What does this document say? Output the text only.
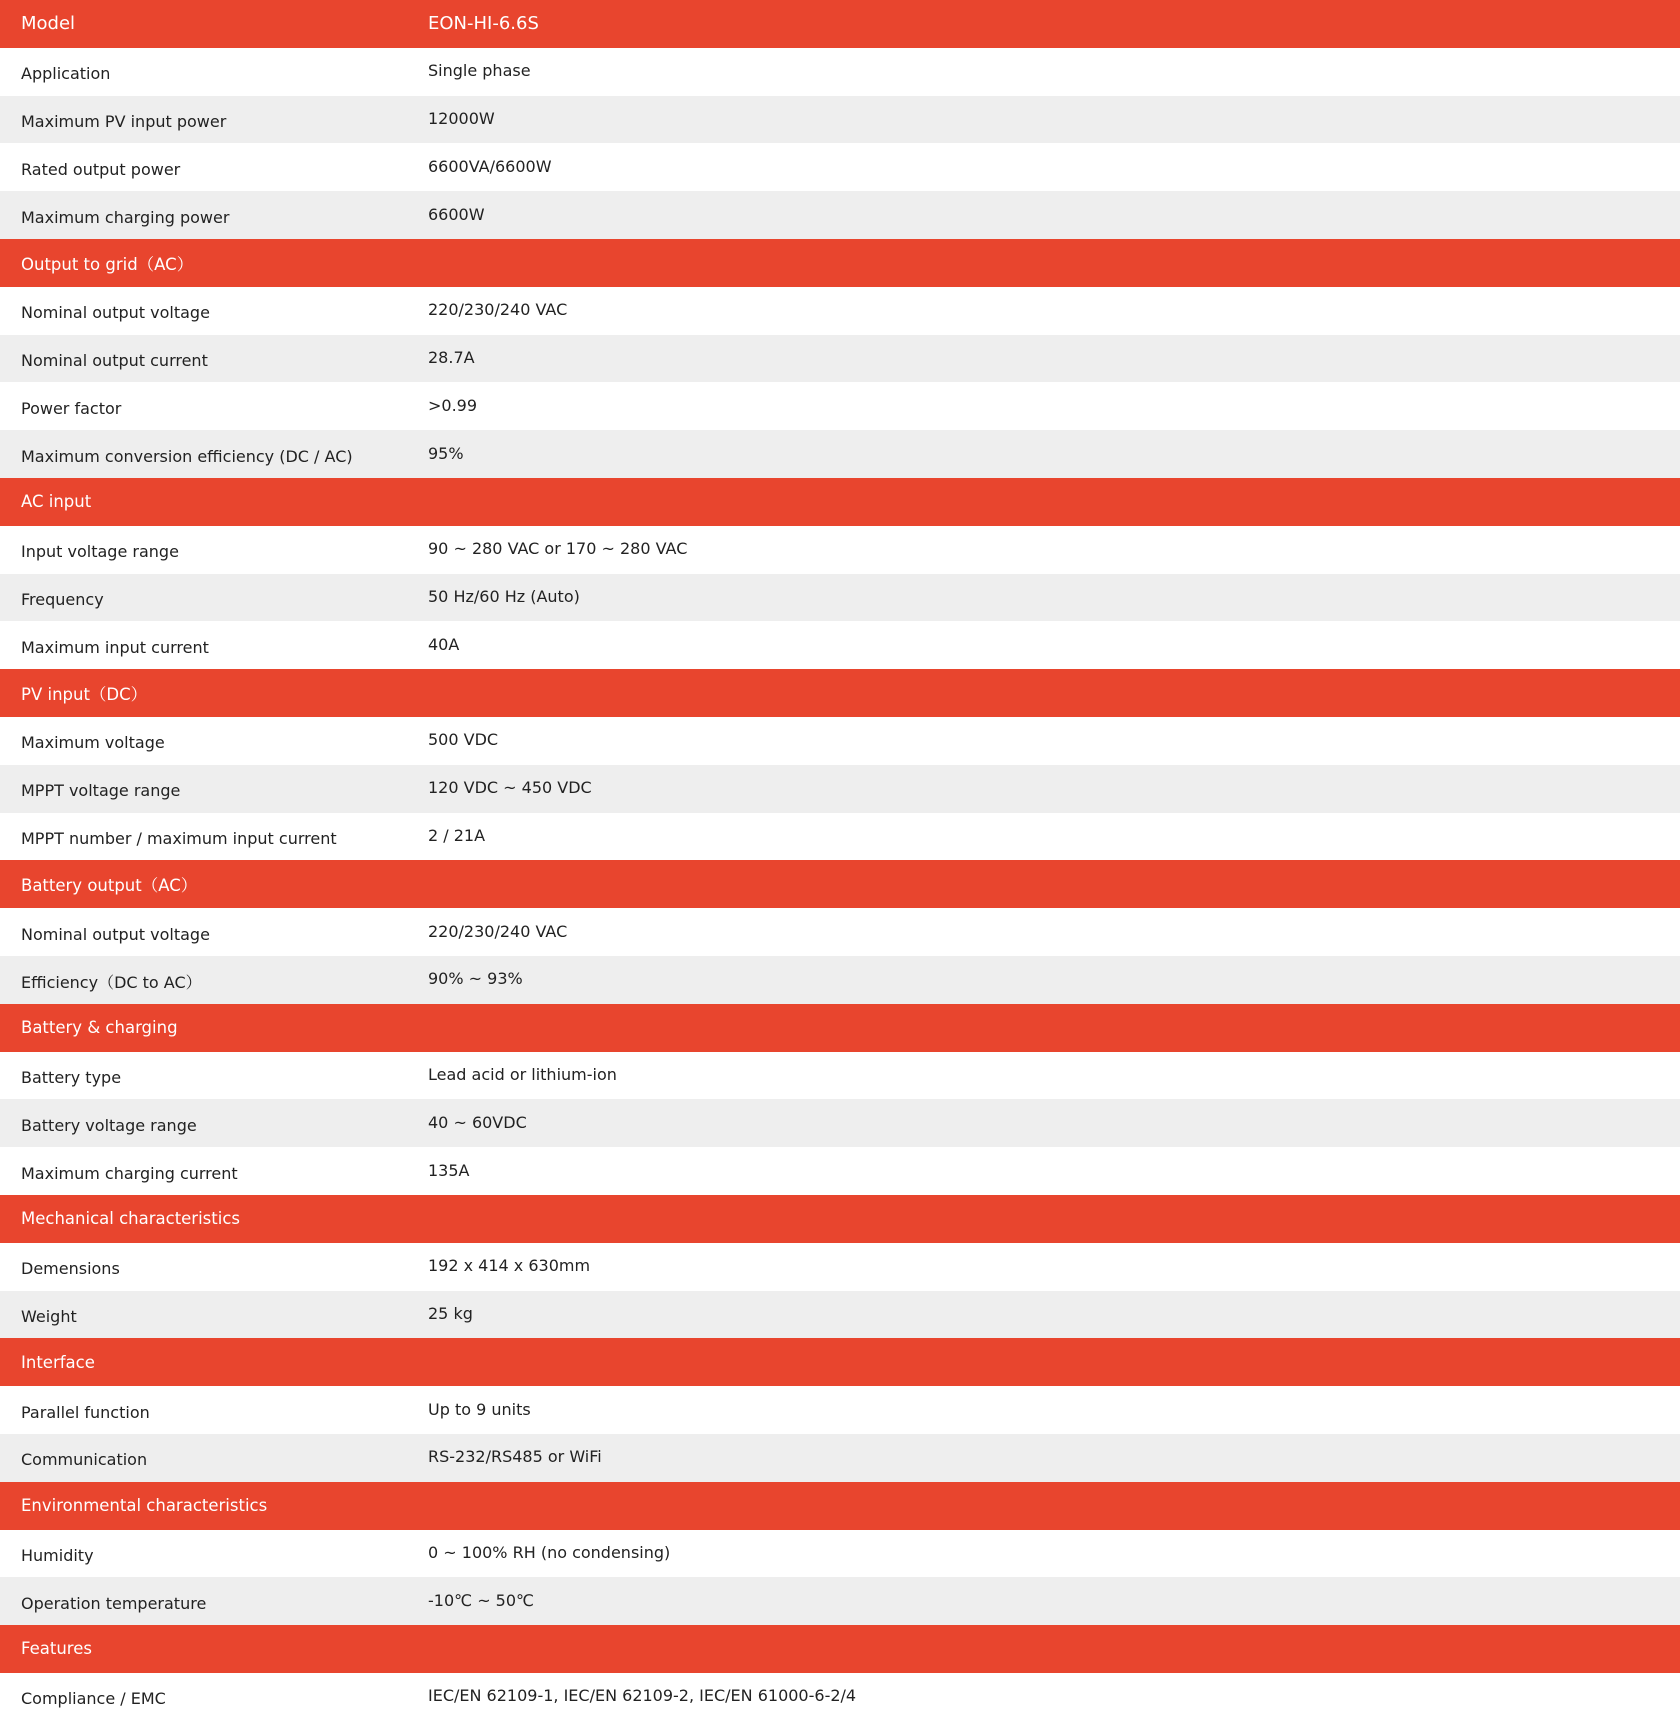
Model	EON-HI-6.6S
Application	Single phase
Maximum PV input power	12000W
Rated output power	6600VA/6600W
Maximum charging power	6600W
Output to grid（AC）
Nominal output voltage	220/230/240 VAC
Nominal output current	28.7A
Power factor	>0.99
Maximum conversion efficiency (DC / AC)	95%
AC input
Input voltage range	90 ~ 280 VAC or 170 ~ 280 VAC
Frequency	50 Hz/60 Hz (Auto)
Maximum input current	40A
PV input（DC）
Maximum voltage	500 VDC
MPPT voltage range	120 VDC ~ 450 VDC
MPPT number / maximum input current	2 / 21A
Battery output（AC）
Nominal output voltage	220/230/240 VAC
Efficiency（DC to AC）	90% ~ 93%
Battery & charging
Battery type	Lead acid or lithium-ion
Battery voltage range	40 ~ 60VDC
Maximum charging current	135A
Mechanical characteristics
Demensions	192 x 414 x 630mm
Weight	25 kg
Interface
Parallel function	Up to 9 units
Communication	RS-232/RS485 or WiFi
Environmental characteristics
Humidity	0 ~ 100% RH (no condensing)
Operation temperature	-10℃ ~ 50℃
Features
Compliance / EMC	IEC/EN 62109-1, IEC/EN 62109-2, IEC/EN 61000-6-2/4
